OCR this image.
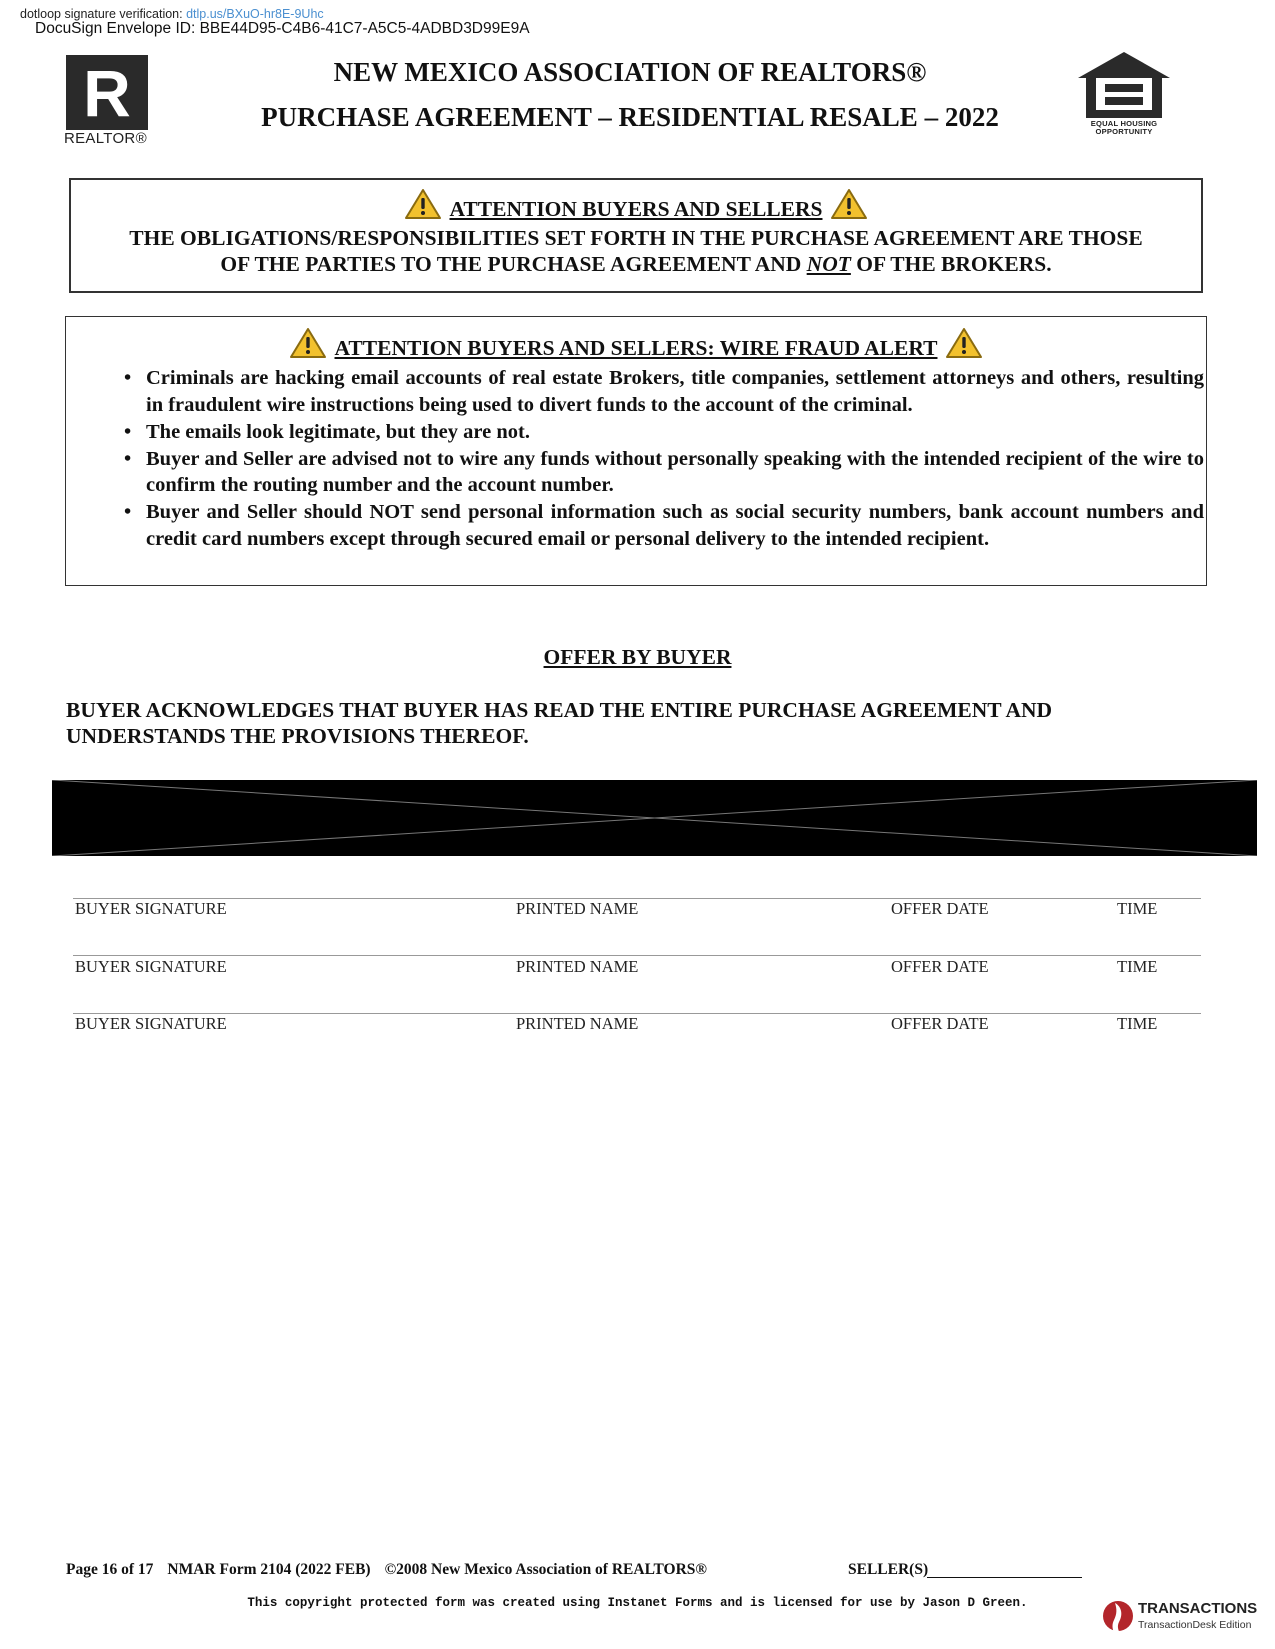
dotloop signature verification: dtlp.us/BXuO-hr8E-9Uhc
DocuSign Envelope ID: BBE44D95-C4B6-41C7-A5C5-4ADBD3D99E9A
R
REALTOR®
NEW MEXICO ASSOCIATION OF REALTORS®
PURCHASE AGREEMENT – RESIDENTIAL RESALE – 2022	EQUAL HOUSING
OPPORTUNITY
ATTENTION BUYERS AND SELLERS
THE OBLIGATIONS/RESPONSIBILITIES SET FORTH IN THE PURCHASE AGREEMENT ARE THOSE
OF THE PARTIES TO THE PURCHASE AGREEMENT AND NOT OF THE BROKERS.
ATTENTION BUYERS AND SELLERS: WIRE FRAUD ALERT
• Criminals are hacking email accounts of real estate Brokers, title companies, settlement attorneys and others, resulting in fraudulent wire instructions being used to divert funds to the account of the criminal.
• The emails look legitimate, but they are not.
• Buyer and Seller are advised not to wire any funds without personally speaking with the intended recipient of the wire to confirm the routing number and the account number.
• Buyer and Seller should NOT send personal information such as social security numbers, bank account numbers and credit card numbers except through secured email or personal delivery to the intended recipient.
OFFER BY BUYER
BUYER ACKNOWLEDGES THAT BUYER HAS READ THE ENTIRE PURCHASE AGREEMENT AND
UNDERSTANDS THE PROVISIONS THEREOF.
BUYER SIGNATURE	PRINTED NAME	OFFER DATE	TIME
BUYER SIGNATURE	PRINTED NAME	OFFER DATE	TIME
BUYER SIGNATURE	PRINTED NAME	OFFER DATE	TIME
Page 16 of 17 NMAR Form 2104 (2022 FEB) ©2008 New Mexico Association of REALTORS®	SELLER(S)
This copyright protected form was created using Instanet Forms and is licensed for use by Jason D Green.	TRANSACTIONS
TransactionDesk Edition
